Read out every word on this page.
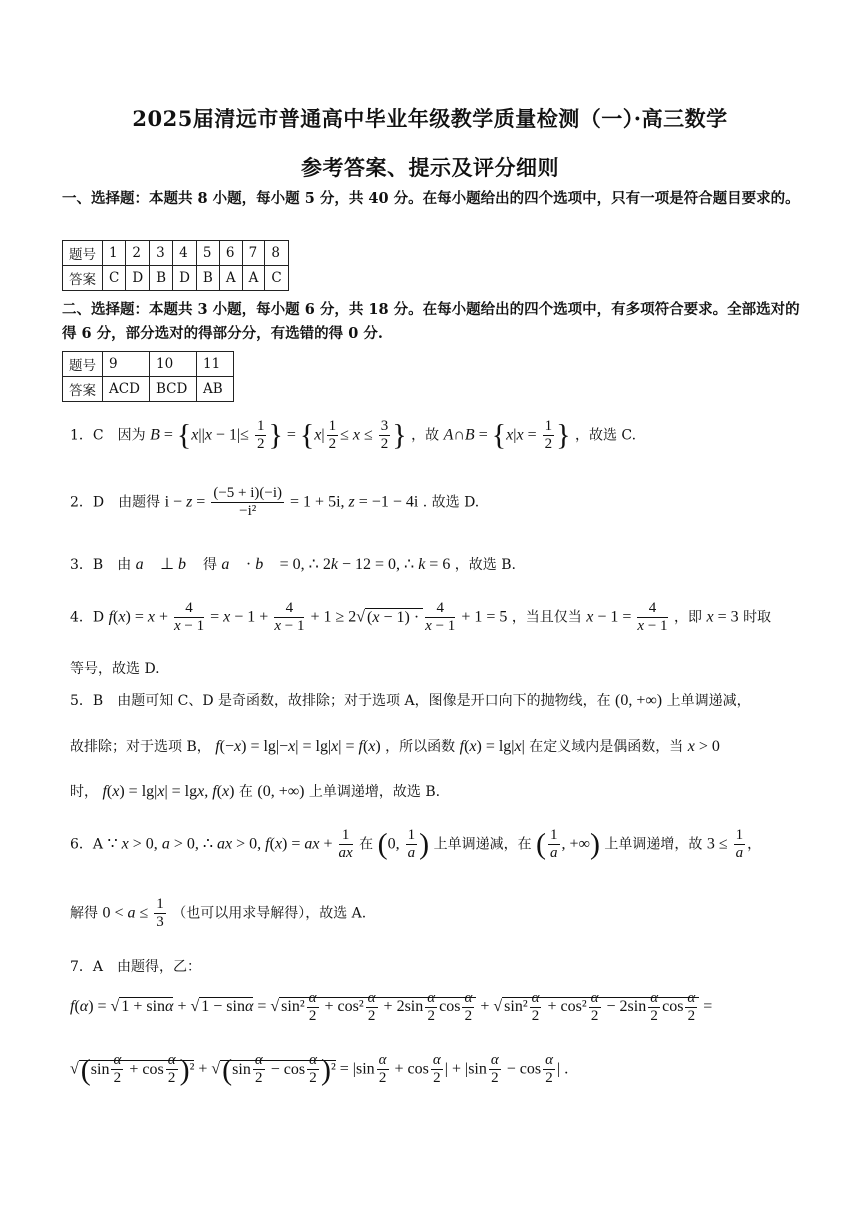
2025届清远市普通高中毕业年级教学质量检测（一）·高三数学
参考答案、提示及评分细则
一、选择题：本题共 8 小题，每小题 5 分，共 40 分。在每小题给出的四个选项中，只有一项是符合题目要求的。
题号	1	2	3	4	5	6	7	8
答案	C	D	B	D	B	A	A	C
二、选择题：本题共 3 小题，每小题 6 分，共 18 分。在每小题给出的四个选项中，有多项符合要求。全部选对的得 6 分，部分选对的得部分分，有选错的得 0 分.
题号	9	10	11
答案	ACD	BCD	AB
1．C　因为 $B = \{x||x - 1|\le \frac{1}{2}$ } = {$x| \frac{1}{2} \le x \le \frac{3}{2}$ } ，故 A∩B = {$x|x = \frac{1}{2}$ } ，故选 C.
2．D　由题得 $i - z = \frac{(-5 + i)(-i)}{\text{−i²}} = 1 + 5i$, z = −1 − 4i . 故选 D.
3．B　由 a⃗ ⊥ b⃗ 得 a⃗ · b⃗ = 0, ∴ 2k − 12 = 0, ∴ k = 6 ，故选 B.
4．D $f(x) = x + \frac{4}{x - 1} = x - 1 + \frac{4}{x - 1} + 1 \ge 2√$ $(x - 1) \cdot \frac{4}{x - 1} + 1 = 5$ ，当且仅当 $x - 1 = \frac{4}{x - 1}$ ，即 x = 3 时取
等号，故选 D.
5．B　由题可知 C、D 是奇函数，故排除；对于选项 A，图像是开口向下的抛物线，在 (0, +∞) 上单调递减，
故排除；对于选项 B， f(−x) = lg|−x| = lg|x| = f(x) ，所以函数 f(x) = lg|x| 在定义域内是偶函数，当 x > 0
时， f(x) = lg|x| = lgx, f(x) 在 (0, +∞) 上单调递增，故选 B.
6．A ∵ x > 0, a > 0, ∴ ax > 0, f(x) = ax + $\frac{1}{ax}$ 在 (0, $\frac{1}{a}$ ) 上单调递减，在 ( $\frac{1}{a}$ , +∞) 上单调递增，故 $3 \le \frac{1}{a}$ ，
解得 $0 < a \le \frac{1}{3}$ （也可以用求导解得），故选 A.
7．A　由题得，乙：
f(α) = √ 1 + sinα + √ 1 − sinα = √ $\sin^2 \frac{\alpha}{2} + \cos^2 \frac{\alpha}{2} + 2\sin \frac{\alpha}{2}$ $\cos \frac{\alpha}{2}$ + √ $\sin^2 \frac{\alpha}{2} + \cos^2 \frac{\alpha}{2} - 2\sin \frac{\alpha}{2}$ $\cos \frac{\alpha}{2}$ =
$√(\sin \frac{\alpha}{2} + \cos \frac{\alpha}{2} )^2 + √(\sin \frac{\alpha}{2} - \cos \frac{\alpha}{2} )^2 = |\sin \frac{\alpha}{2} + \cos \frac{\alpha}{2}$ | + $|\sin \frac{\alpha}{2} - \cos \frac{\alpha}{2}$ | .
